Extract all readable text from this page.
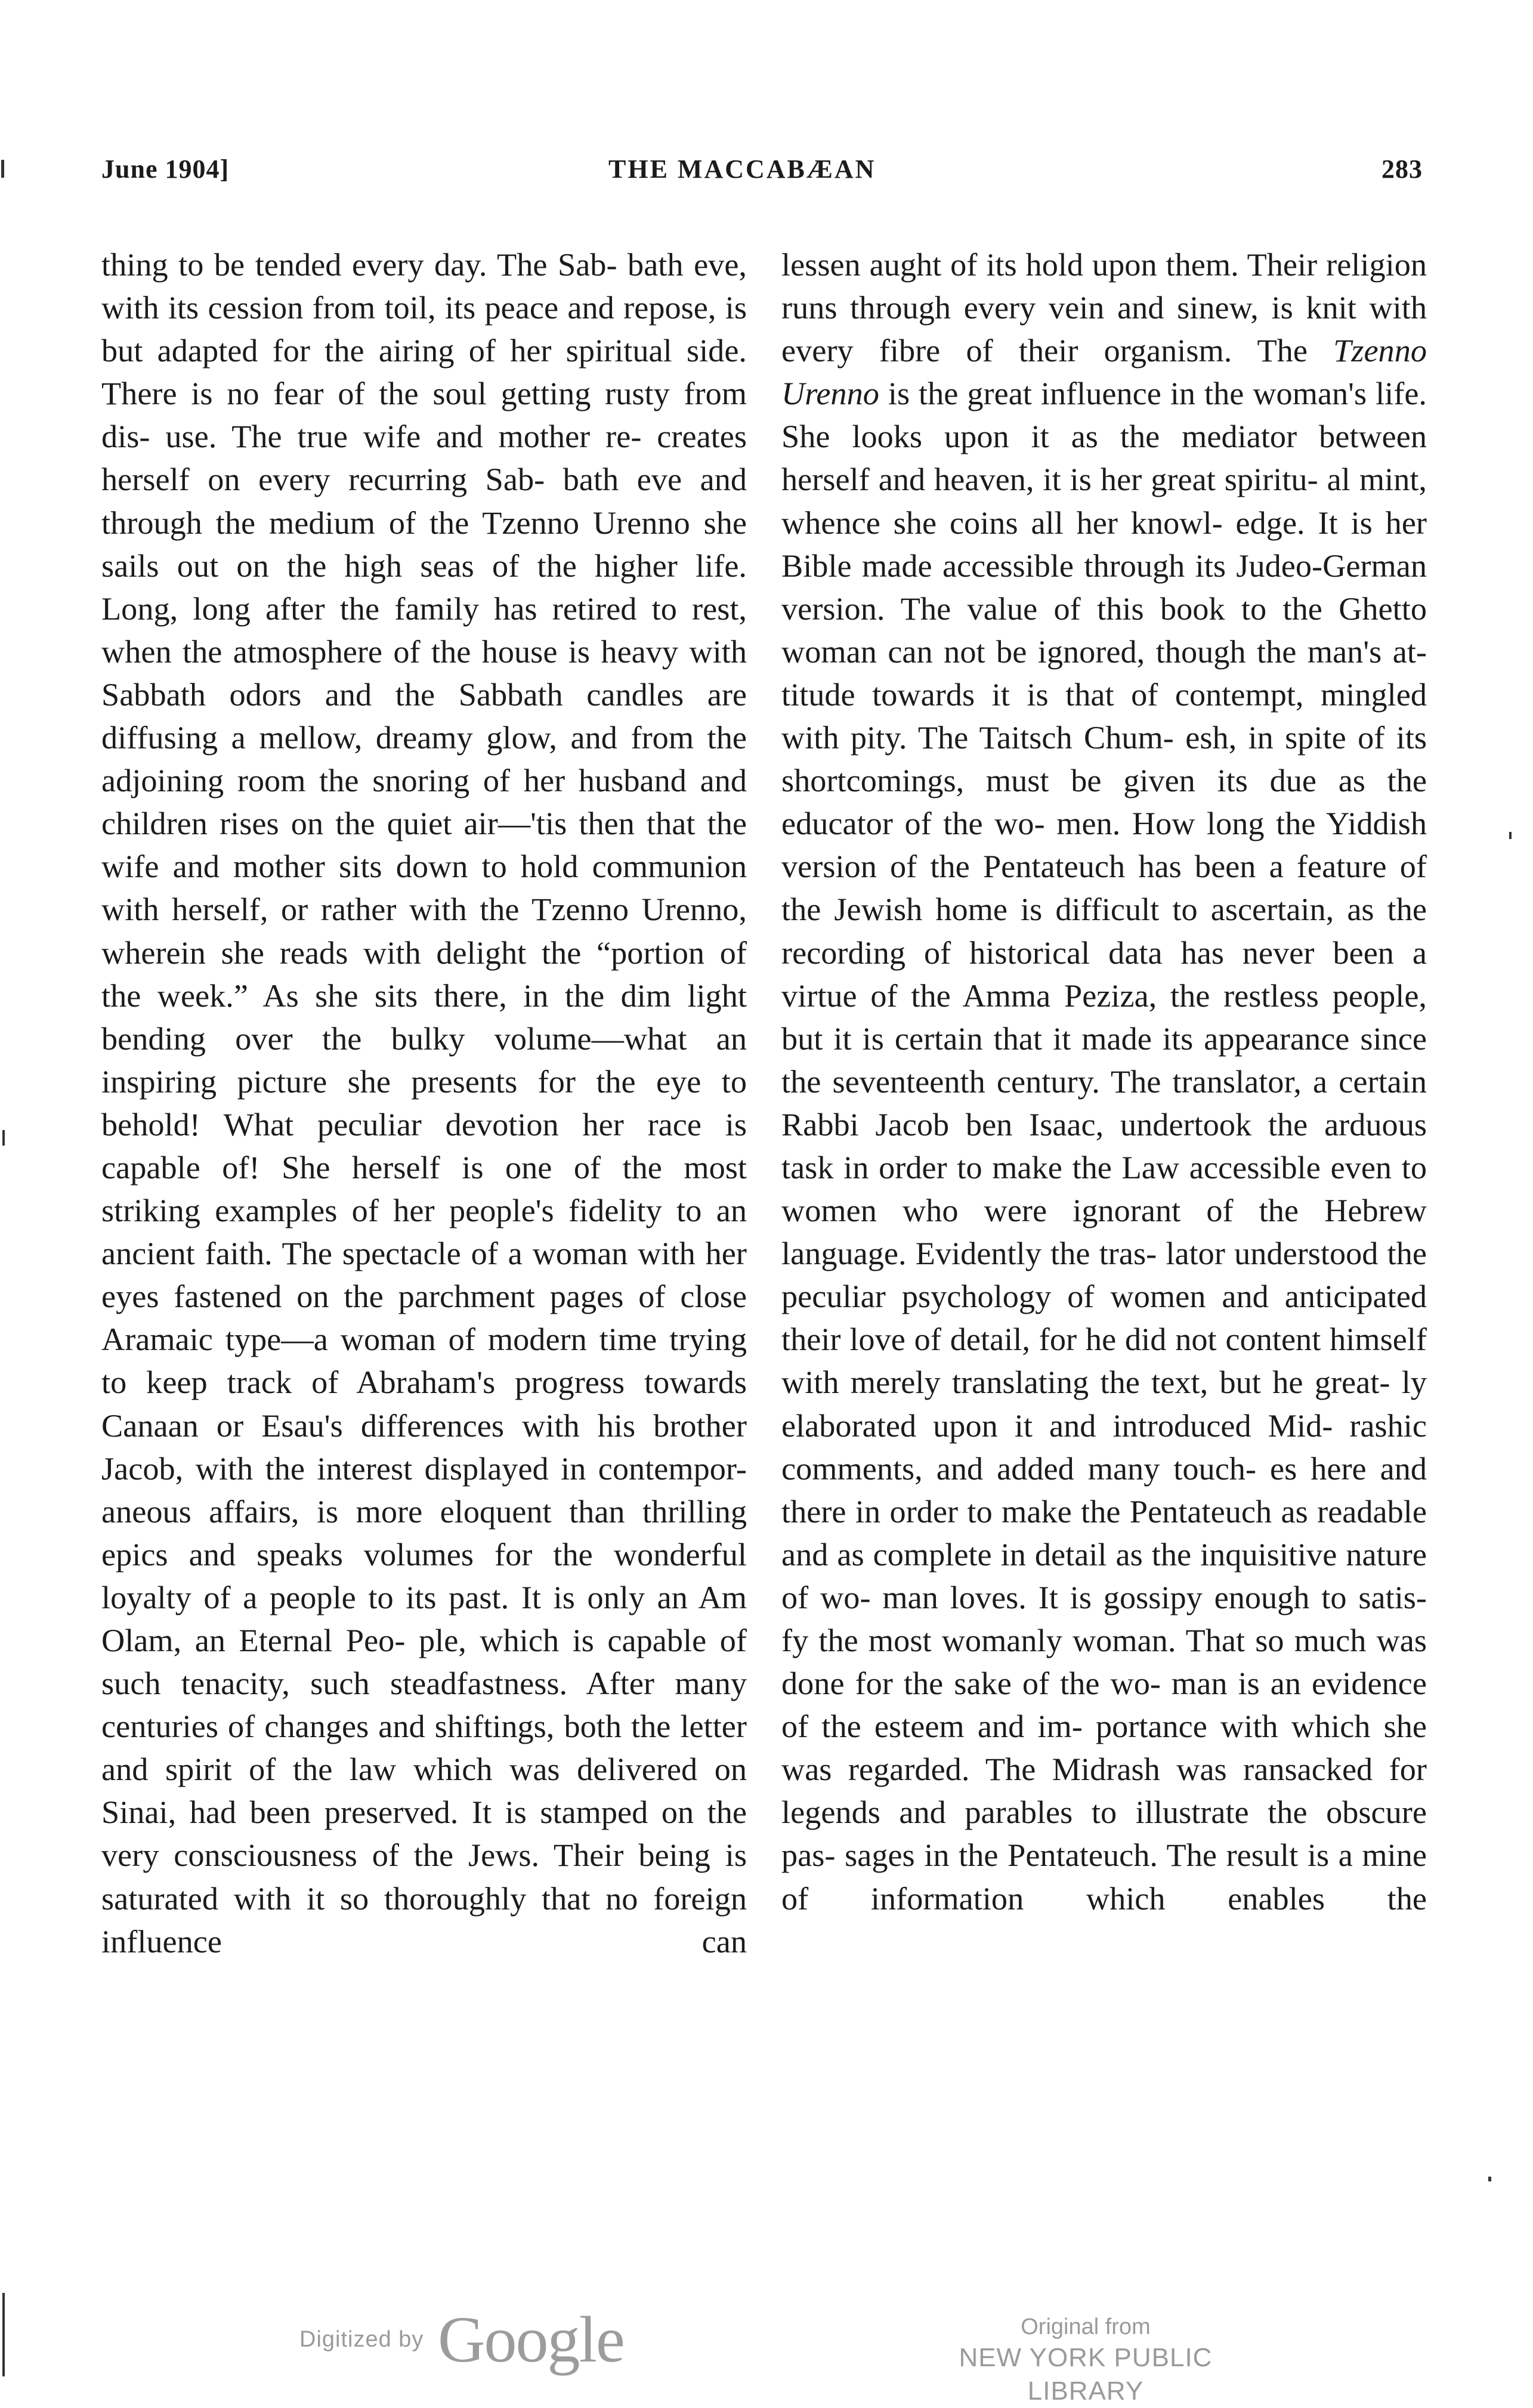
June 1904]	THE MACCABÆAN	283

thing to be tended every day. The Sab- bath eve, with its cession from toil, its peace and repose, is but adapted for the airing of her spiritual side. There is no fear of the soul getting rusty from dis- use. The true wife and mother re- creates herself on every recurring Sab- bath eve and through the medium of the Tzenno Urenno she sails out on the high seas of the higher life. Long, long after the family has retired to rest, when the atmosphere of the house is heavy with Sabbath odors and the Sabbath candles are diffusing a mellow, dreamy glow, and from the adjoining room the snoring of her husband and children rises on the quiet air—'tis then that the wife and mother sits down to hold communion with herself, or rather with the Tzenno Urenno, wherein she reads with delight the “portion of the week.” As she sits there, in the dim light bending over the bulky volume—what an inspiring picture she presents for the eye to behold! What peculiar devotion her race is capable of! She herself is one of the most striking examples of her people's fidelity to an ancient faith. The spectacle of a woman with her eyes fastened on the parchment pages of close Aramaic type—a woman of modern time trying to keep track of Abraham's progress towards Canaan or Esau's differences with his brother Jacob, with the interest displayed in contempor- aneous affairs, is more eloquent than thrilling epics and speaks volumes for the wonderful loyalty of a people to its past. It is only an Am Olam, an Eternal Peo- ple, which is capable of such tenacity, such steadfastness. After many centuries of changes and shiftings, both the letter and spirit of the law which was delivered on Sinai, had been preserved. It is stamped on the very consciousness of the Jews. Their being is saturated with it so thoroughly that no foreign influence can

lessen aught of its hold upon them. Their religion runs through every vein and sinew, is knit with every fibre of their organism. The Tzenno Urenno is the great influence in the woman's life. She looks upon it as the mediator between herself and heaven, it is her great spiritu- al mint, whence she coins all her knowl- edge. It is her Bible made accessible through its Judeo-German version. The value of this book to the Ghetto woman can not be ignored, though the man's at- titude towards it is that of contempt, mingled with pity. The Taitsch Chum- esh, in spite of its shortcomings, must be given its due as the educator of the wo- men. How long the Yiddish version of the Pentateuch has been a feature of the Jewish home is difficult to ascertain, as the recording of historical data has never been a virtue of the Amma Peziza, the restless people, but it is certain that it made its appearance since the seventeenth century. The translator, a certain Rabbi Jacob ben Isaac, undertook the arduous task in order to make the Law accessible even to women who were ignorant of the Hebrew language. Evidently the tras- lator understood the peculiar psychology of women and anticipated their love of detail, for he did not content himself with merely translating the text, but he great- ly elaborated upon it and introduced Mid- rashic comments, and added many touch- es here and there in order to make the Pentateuch as readable and as complete in detail as the inquisitive nature of wo- man loves. It is gossipy enough to satis- fy the most womanly woman. That so much was done for the sake of the wo- man is an evidence of the esteem and im- portance with which she was regarded. The Midrash was ransacked for legends and parables to illustrate the obscure pas- sages in the Pentateuch. The result is a mine of information which enables the

Digitized by Google	Original from
NEW YORK PUBLIC LIBRARY
